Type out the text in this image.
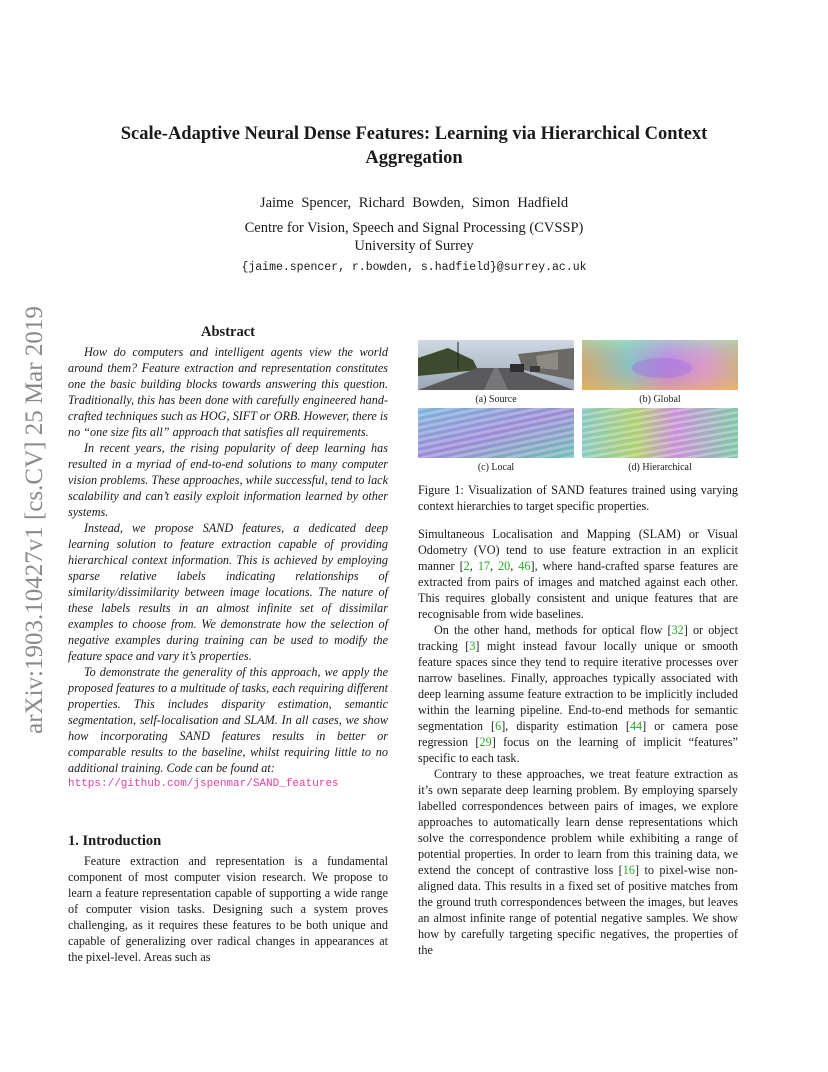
arXiv:1903.10427v1 [cs.CV] 25 Mar 2019
Scale-Adaptive Neural Dense Features: Learning via Hierarchical Context Aggregation
Jaime Spencer, Richard Bowden, Simon Hadfield
Centre for Vision, Speech and Signal Processing (CVSSP)
University of Surrey
{jaime.spencer, r.bowden, s.hadfield}@surrey.ac.uk
Abstract

How do computers and intelligent agents view the world around them? Feature extraction and representation constitutes one the basic building blocks towards answering this question. Traditionally, this has been done with carefully engineered hand-crafted techniques such as HOG, SIFT or ORB. However, there is no “one size fits all” approach that satisfies all requirements.

In recent years, the rising popularity of deep learning has resulted in a myriad of end-to-end solutions to many computer vision problems. These approaches, while successful, tend to lack scalability and can’t easily exploit information learned by other systems.

Instead, we propose SAND features, a dedicated deep learning solution to feature extraction capable of providing hierarchical context information. This is achieved by employing sparse relative labels indicating relationships of similarity/dissimilarity between image locations. The nature of these labels results in an almost infinite set of dissimilar examples to choose from. We demonstrate how the selection of negative examples during training can be used to modify the feature space and vary it’s properties.

To demonstrate the generality of this approach, we apply the proposed features to a multitude of tasks, each requiring different properties. This includes disparity estimation, semantic segmentation, self-localisation and SLAM. In all cases, we show how incorporating SAND features results in better or comparable results to the baseline, whilst requiring little to no additional training. Code can be found at:

https://github.com/jspenmar/SAND_features
1. Introduction

Feature extraction and representation is a fundamental component of most computer vision research. We propose to learn a feature representation capable of supporting a wide range of computer vision tasks. Designing such a system proves challenging, as it requires these features to be both unique and capable of generalizing over radical changes in appearances at the pixel-level. Areas such as

(a) Source	(b) Global
(c) Local	(d) Hierarchical
Figure 1: Visualization of SAND features trained using varying context hierarchies to target specific properties.

Simultaneous Localisation and Mapping (SLAM) or Visual Odometry (VO) tend to use feature extraction in an explicit manner [2, 17, 20, 46], where hand-crafted sparse features are extracted from pairs of images and matched against each other. This requires globally consistent and unique features that are recognisable from wide baselines.

On the other hand, methods for optical flow [32] or object tracking [3] might instead favour locally unique or smooth feature spaces since they tend to require iterative processes over narrow baselines. Finally, approaches typically associated with deep learning assume feature extraction to be implicitly included within the learning pipeline. End-to-end methods for semantic segmentation [6], disparity estimation [44] or camera pose regression [29] focus on the learning of implicit “features” specific to each task.

Contrary to these approaches, we treat feature extraction as it’s own separate deep learning problem. By employing sparsely labelled correspondences between pairs of images, we explore approaches to automatically learn dense representations which solve the correspondence problem while exhibiting a range of potential properties. In order to learn from this training data, we extend the concept of contrastive loss [16] to pixel-wise non-aligned data. This results in a fixed set of positive matches from the ground truth correspondences between the images, but leaves an almost infinite range of potential negative samples. We show how by carefully targeting specific negatives, the properties of the
